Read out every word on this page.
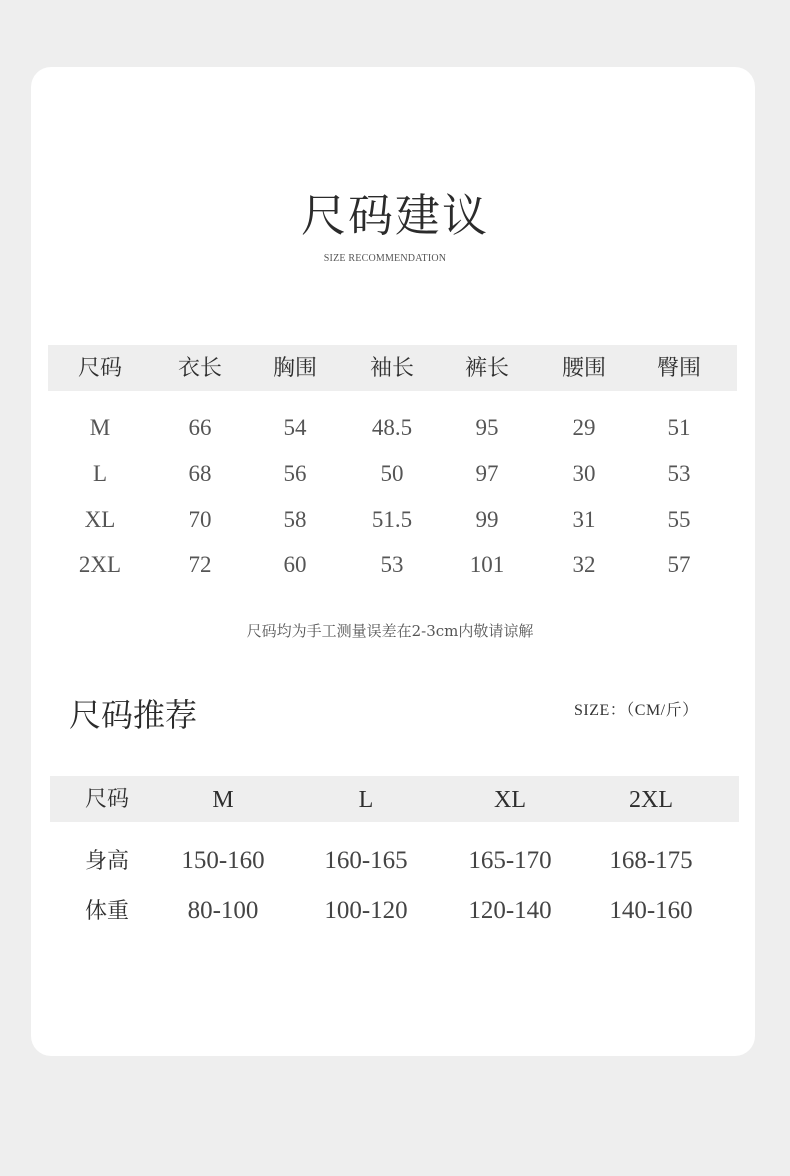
尺码建议
SIZE RECOMMENDATION
尺码	衣长	胸围	袖长	裤长	腰围	臀围
M	66	54	48.5	95	29	51
L	68	56	50	97	30	53
XL	70	58	51.5	99	31	55
2XL	72	60	53	101	32	57
尺码均为手工测量误差在2-3cm内敬请谅解
尺码推荐	SIZE：（CM/斤）
尺码	M	L	XL	2XL
身高	150-160	160-165	165-170	168-175
体重	80-100	100-120	120-140	140-160
